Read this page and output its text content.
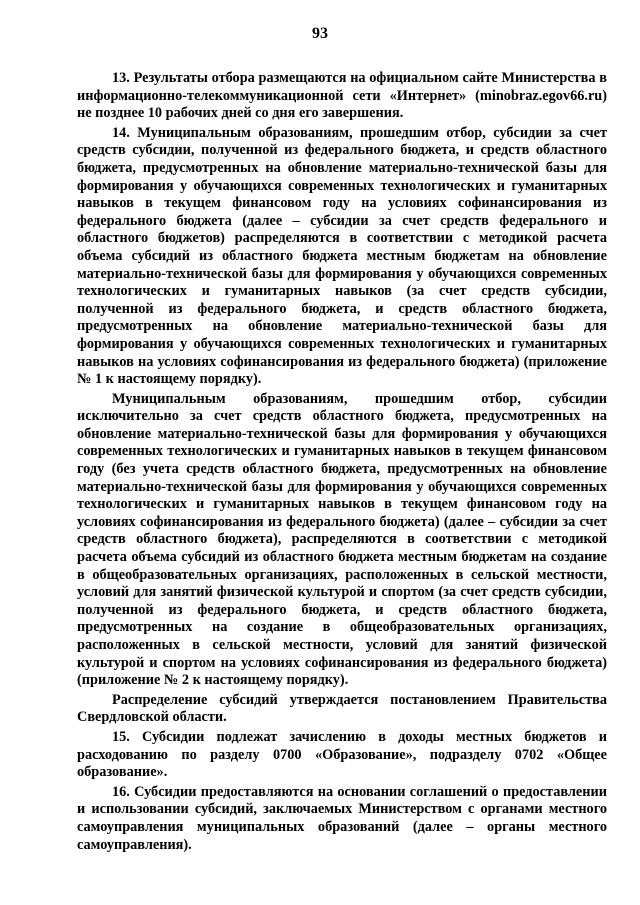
93

13. Результаты отбора размещаются на официальном сайте Министерства в информационно-телекоммуникационной сети «Интернет» (minobraz.egov66.ru) не позднее 10 рабочих дней со дня его завершения.

14. Муниципальным образованиям, прошедшим отбор, субсидии за счет средств субсидии, полученной из федерального бюджета, и средств областного бюджета, предусмотренных на обновление материально-технической базы для формирования у обучающихся современных технологических и гуманитарных навыков в текущем финансовом году на условиях софинансирования из федерального бюджета (далее – субсидии за счет средств федерального и областного бюджетов) распределяются в соответствии с методикой расчета объема субсидий из областного бюджета местным бюджетам на обновление материально-технической базы для формирования у обучающихся современных технологических и гуманитарных навыков (за счет средств субсидии, полученной из федерального бюджета, и средств областного бюджета, предусмотренных на обновление материально-технической базы для формирования у обучающихся современных технологических и гуманитарных навыков на условиях софинансирования из федерального бюджета) (приложение № 1 к настоящему порядку).

Муниципальным образованиям, прошедшим отбор, субсидии исключительно за счет средств областного бюджета, предусмотренных на обновление материально-технической базы для формирования у обучающихся современных технологических и гуманитарных навыков в текущем финансовом году (без учета средств областного бюджета, предусмотренных на обновление материально-технической базы для формирования у обучающихся современных технологических и гуманитарных навыков в текущем финансовом году на условиях софинансирования из федерального бюджета) (далее – субсидии за счет средств областного бюджета), распределяются в соответствии с методикой расчета объема субсидий из областного бюджета местным бюджетам на создание в общеобразовательных организациях, расположенных в сельской местности, условий для занятий физической культурой и спортом (за счет средств субсидии, полученной из федерального бюджета, и средств областного бюджета, предусмотренных на создание в общеобразовательных организациях, расположенных в сельской местности, условий для занятий физической культурой и спортом на условиях софинансирования из федерального бюджета) (приложение № 2 к настоящему порядку).

Распределение субсидий утверждается постановлением Правительства Свердловской области.

15. Субсидии подлежат зачислению в доходы местных бюджетов и расходованию по разделу 0700 «Образование», подразделу 0702 «Общее образование».

16. Субсидии предоставляются на основании соглашений о предоставлении и использовании субсидий, заключаемых Министерством с органами местного самоуправления муниципальных образований (далее – органы местного самоуправления).
